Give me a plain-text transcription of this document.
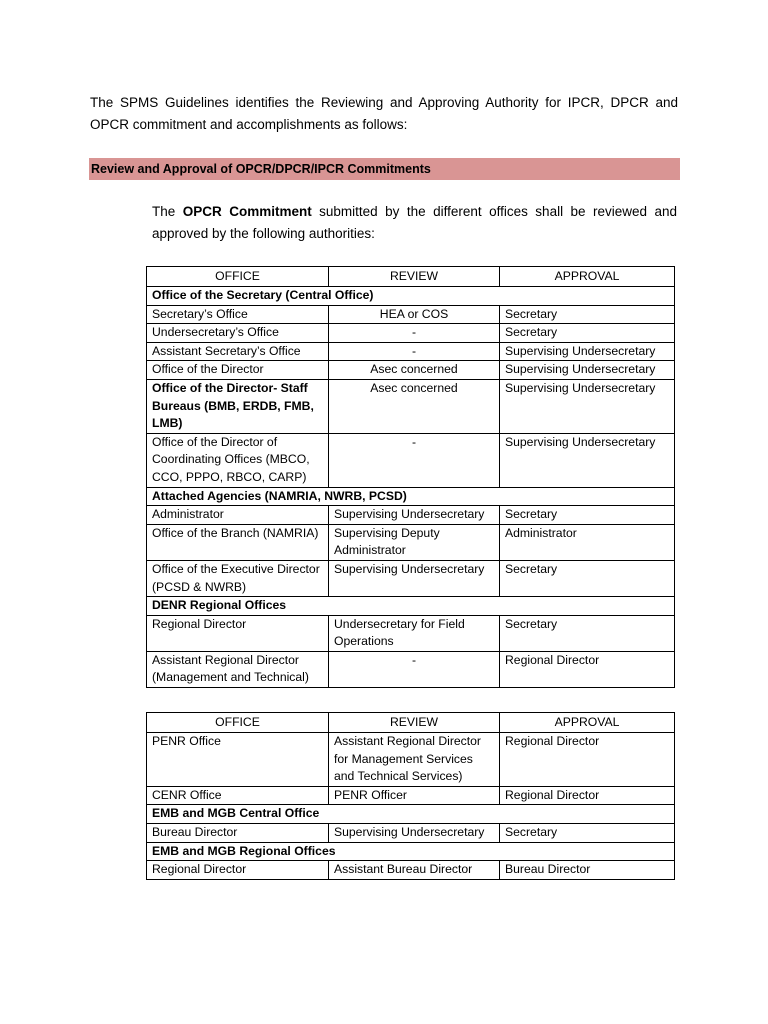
The SPMS Guidelines identifies the Reviewing and Approving Authority for IPCR, DPCR and OPCR commitment and accomplishments as follows:

Review and Approval of OPCR/DPCR/IPCR Commitments

The OPCR Commitment submitted by the different offices shall be reviewed and approved by the following authorities:

OFFICE	REVIEW	APPROVAL
Office of the Secretary (Central Office)		
Secretary’s Office	HEA or COS	Secretary
Undersecretary’s Office	-	Secretary
Assistant Secretary’s Office	-	Supervising Undersecretary
Office of the Director	Asec concerned	Supervising Undersecretary
Office of the Director- Staff Bureaus (BMB, ERDB, FMB, LMB)	Asec concerned	Supervising Undersecretary
Office of the Director of Coordinating Offices (MBCO, CCO, PPPO, RBCO, CARP)	-	Supervising Undersecretary
Attached Agencies (NAMRIA, NWRB, PCSD)		
Administrator	Supervising Undersecretary	Secretary
Office of the Branch (NAMRIA)	Supervising Deputy Administrator	Administrator
Office of the Executive Director (PCSD & NWRB)	Supervising Undersecretary	Secretary
DENR Regional Offices		
Regional Director	Undersecretary for Field Operations	Secretary
Assistant Regional Director (Management and Technical)	-	Regional Director
OFFICE	REVIEW	APPROVAL
PENR Office	Assistant Regional Director for Management Services and Technical Services)	Regional Director
CENR Office	PENR Officer	Regional Director
EMB and MGB Central Office		
Bureau Director	Supervising Undersecretary	Secretary
EMB and MGB Regional Offices		
Regional Director	Assistant Bureau Director	Bureau Director
